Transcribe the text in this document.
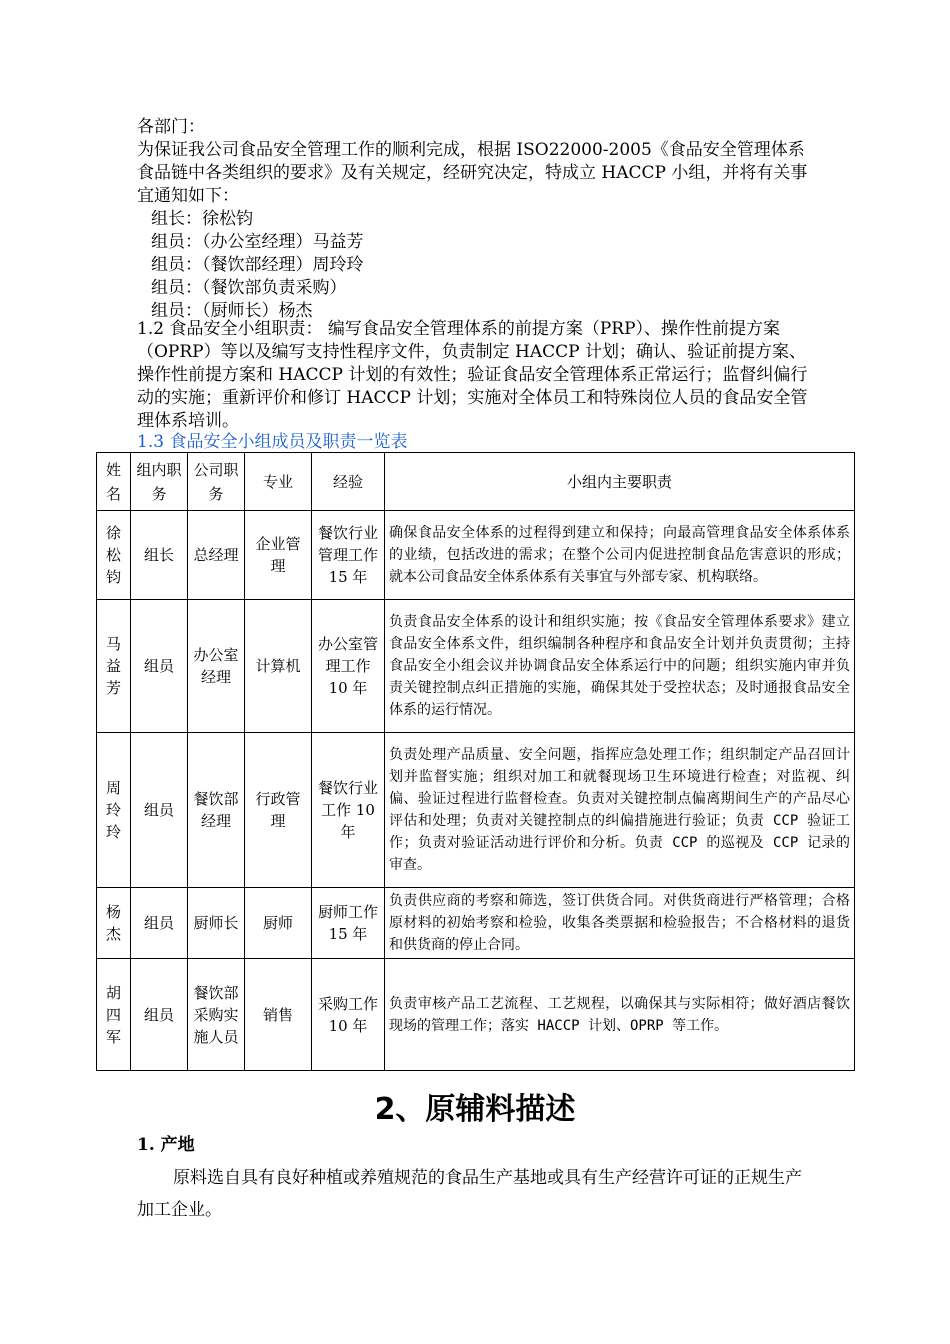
各部门：

为保证我公司食品安全管理工作的顺利完成，根据 ISO22000-2005《食品安全管理体系 食品链中各类组织的要求》及有关规定，经研究决定，特成立 HACCP 小组，并将有关事宜通知如下：

组长：徐松钧
组员：（办公室经理）马益芳
组员：（餐饮部经理）周玲玲
组员：（餐饮部负责采购）
组员：（厨师长）杨杰

1.2 食品安全小组职责： 编写食品安全管理体系的前提方案（PRP）、操作性前提方案（OPRP）等以及编写支持性程序文件，负责制定 HACCP 计划；确认、验证前提方案、操作性前提方案和 HACCP 计划的有效性；验证食品安全管理体系正常运行；监督纠偏行动的实施；重新评价和修订 HACCP 计划；实施对全体员工和特殊岗位人员的食品安全管理体系培训。

1.3 食品安全小组成员及职责一览表
姓名	组内职务	公司职务	专业	经验	小组内主要职责
徐松钧	组长	总经理	企业管理	餐饮行业管理工作 15 年	确保食品安全体系的过程得到建立和保持；向最高管理食品安全体系体系的业绩，包括改进的需求；在整个公司内促进控制食品危害意识的形成；就本公司食品安全体系体系有关事宜与外部专家、机构联络。
马益芳	组员	办公室经理	计算机	办公室管理工作 10 年	负责食品安全体系的设计和组织实施；按《食品安全管理体系要求》建立食品安全体系文件，组织编制各种程序和食品安全计划并负责贯彻；主持食品安全小组会议并协调食品安全体系运行中的问题；组织实施内审并负责关键控制点纠正措施的实施，确保其处于受控状态；及时通报食品安全体系的运行情况。
周玲玲	组员	餐饮部经理	行政管理	餐饮行业工作 10 年	负责处理产品质量、安全问题，指挥应急处理工作；组织制定产品召回计划并监督实施；组织对加工和就餐现场卫生环境进行检查；对监视、纠偏、验证过程进行监督检查。负责对关键控制点偏离期间生产的产品尽心评估和处理；负责对关键控制点的纠偏措施进行验证；负责 CCP 验证工作；负责对验证活动进行评价和分析。负责 CCP 的巡视及 CCP 记录的审查。
杨杰	组员	厨师长	厨师	厨师工作 15 年	负责供应商的考察和筛选，签订供货合同。对供货商进行严格管理；合格原材料的初始考察和检验，收集各类票据和检验报告；不合格材料的退货和供货商的停止合同。
胡四军	组员	餐饮部采购实施人员	销售	采购工作 10 年	负责审核产品工艺流程、工艺规程，以确保其与实际相符；做好酒店餐饮现场的管理工作；落实 HACCP 计划、OPRP 等工作。
2、原辅料描述
1. 产地

原料选自具有良好种植或养殖规范的食品生产基地或具有生产经营许可证的正规生产加工企业。
